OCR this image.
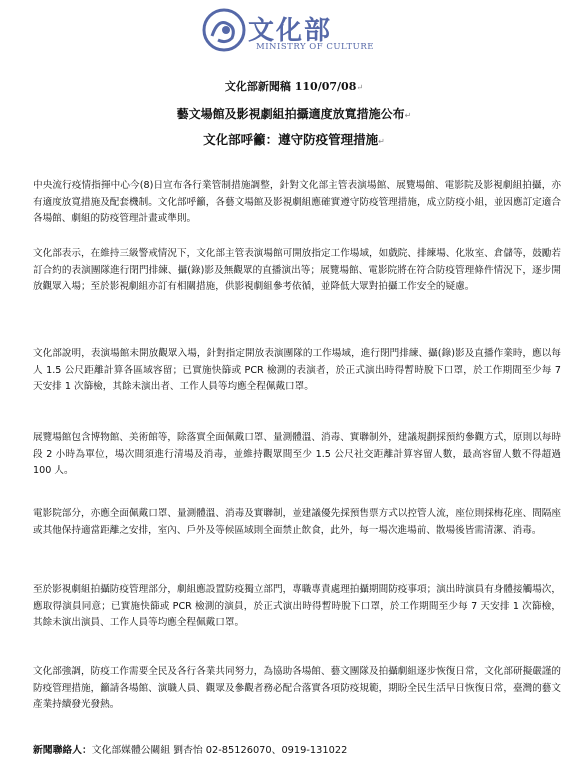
文化部
MINISTRY OF CULTURE
文化部新聞稿 110/07/08↵
藝文場館及影視劇組拍攝適度放寬措施公布↵
文化部呼籲：遵守防疫管理措施↵
中央流行疫情指揮中心今(8)日宣布各行業管制措施調整，針對文化部主管表演場館、展覽場館、電影院及影視劇組拍攝，亦有適度放寬措施及配套機制。文化部呼籲，各藝文場館及影視劇組應確實遵守防疫管理措施，成立防疫小組，並因應訂定適合各場館、劇組的防疫管理計畫或準則。
文化部表示，在維持三級警戒情況下，文化部主管表演場館可開放指定工作場域，如戲院、排練場、化妝室、倉儲等，鼓勵若訂合約的表演團隊進行閉門排練、攝(錄)影及無觀眾的直播演出等；展覽場館、電影院將在符合防疫管理條件情況下，逐步開放觀眾入場；至於影視劇組亦訂有相關措施，供影視劇組參考依循，並降低大眾對拍攝工作安全的疑慮。
文化部說明，表演場館未開放觀眾入場，針對指定開放表演團隊的工作場域，進行閉門排練、攝(錄)影及直播作業時，應以每人 1.5 公尺距離計算各區域容留；已實施快篩或 PCR 檢測的表演者，於正式演出時得暫時脫下口罩，於工作期間至少每 7 天安排 1 次篩檢，其餘未演出者、工作人員等均應全程佩戴口罩。
展覽場館包含博物館、美術館等，除落實全面佩戴口罩、量測體溫、消毒、實聯制外，建議規劃採預約參觀方式，原則以每時段 2 小時為單位，場次間須進行清場及消毒，並維持觀眾間至少 1.5 公尺社交距離計算容留人數，最高容留人數不得超過 100 人。
電影院部分，亦應全面佩戴口罩、量測體溫、消毒及實聯制，並建議優先採預售票方式以控管人流，座位則採梅花座、間隔座或其他保持適當距離之安排，室內、戶外及等候區域則全面禁止飲食，此外，每一場次進場前、散場後皆需清潔、消毒。
至於影視劇組拍攝防疫管理部分，劇組應設置防疫獨立部門，專職專責處理拍攝期間防疫事項；演出時演員有身體接觸場次，應取得演員同意；已實施快篩或 PCR 檢測的演員，於正式演出時得暫時脫下口罩，於工作期間至少每 7 天安排 1 次篩檢，其餘未演出演員、工作人員等均應全程佩戴口罩。
文化部強調，防疫工作需要全民及各行各業共同努力，為協助各場館、藝文團隊及拍攝劇組逐步恢復日常，文化部研擬嚴謹的防疫管理措施，籲請各場館、演職人員、觀眾及參觀者務必配合落實各項防疫規範，期盼全民生活早日恢復日常，臺灣的藝文產業持續發光發熱。
新聞聯絡人：文化部媒體公關組 劉杏怡 02-85126070、0919-131022
